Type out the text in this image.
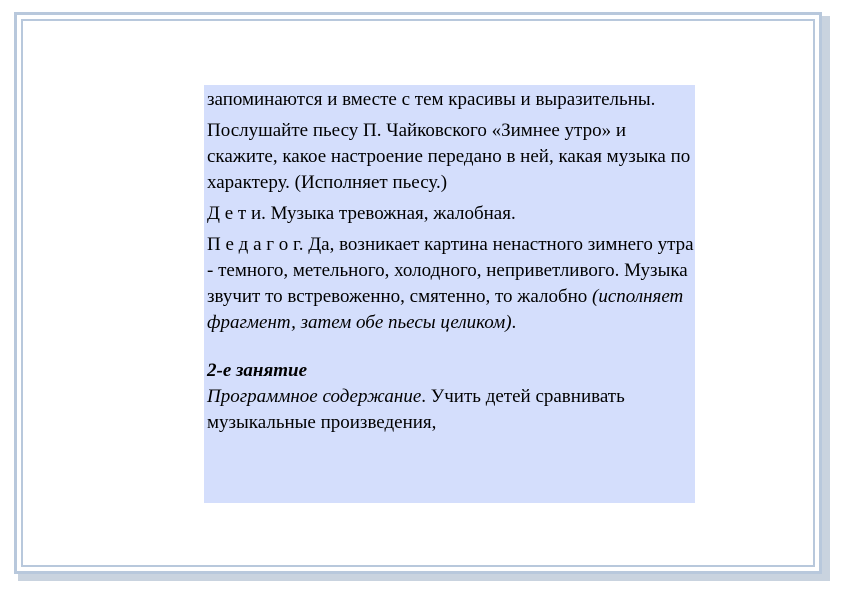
запоминаются и вместе с тем красивы и выразительны.

Послушайте пьесу П. Чайковского «Зимнее утро» и скажите, какое настроение передано в ней, какая музыка по характеру. (Исполняет пьесу.)

Д е т и. Музыка тревожная, жалобная.

П е д а г о г. Да, возникает картина ненастного зимнего утра - темного, метельного, холодного, неприветливого. Музыка звучит то встревоженно, смятенно, то жалобно (исполняет фрагмент, затем обе пьесы целиком).

2-е занятие

Программное содержание. Учить детей сравнивать музыкальные произведения,
